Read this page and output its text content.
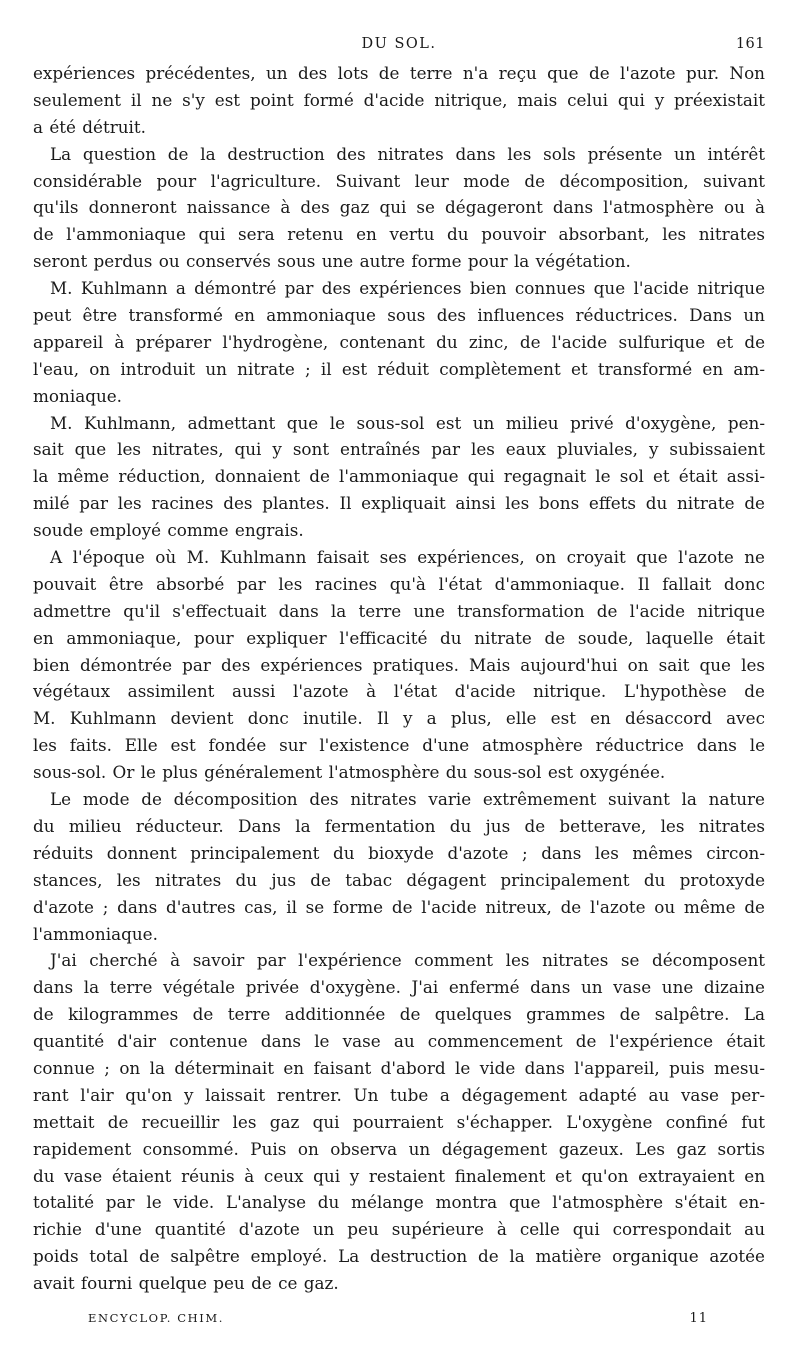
DU SOL.	161
expériences précédentes, un des lots de terre n'a reçu que de l'azote pur. Non
seulement il ne s'y est point formé d'acide nitrique, mais celui qui y préexistait
a été détruit.
La question de la destruction des nitrates dans les sols présente un intérêt
considérable pour l'agriculture. Suivant leur mode de décomposition, suivant
qu'ils donneront naissance à des gaz qui se dégageront dans l'atmosphère ou à
de l'ammoniaque qui sera retenu en vertu du pouvoir absorbant, les nitrates
seront perdus ou conservés sous une autre forme pour la végétation.
M. Kuhlmann a démontré par des expériences bien connues que l'acide nitrique
peut être transformé en ammoniaque sous des influences réductrices. Dans un
appareil à préparer l'hydrogène, contenant du zinc, de l'acide sulfurique et de
l'eau, on introduit un nitrate ; il est réduit complètement et transformé en am-
moniaque.
M. Kuhlmann, admettant que le sous-sol est un milieu privé d'oxygène, pen-
sait que les nitrates, qui y sont entraînés par les eaux pluviales, y subissaient
la même réduction, donnaient de l'ammoniaque qui regagnait le sol et était assi-
milé par les racines des plantes. Il expliquait ainsi les bons effets du nitrate de
soude employé comme engrais.
A l'époque où M. Kuhlmann faisait ses expériences, on croyait que l'azote ne
pouvait être absorbé par les racines qu'à l'état d'ammoniaque. Il fallait donc
admettre qu'il s'effectuait dans la terre une transformation de l'acide nitrique
en ammoniaque, pour expliquer l'efficacité du nitrate de soude, laquelle était
bien démontrée par des expériences pratiques. Mais aujourd'hui on sait que les
végétaux assimilent aussi l'azote à l'état d'acide nitrique. L'hypothèse de
M. Kuhlmann devient donc inutile. Il y a plus, elle est en désaccord avec
les faits. Elle est fondée sur l'existence d'une atmosphère réductrice dans le
sous-sol. Or le plus généralement l'atmosphère du sous-sol est oxygénée.
Le mode de décomposition des nitrates varie extrêmement suivant la nature
du milieu réducteur. Dans la fermentation du jus de betterave, les nitrates
réduits donnent principalement du bioxyde d'azote ; dans les mêmes circon-
stances, les nitrates du jus de tabac dégagent principalement du protoxyde
d'azote ; dans d'autres cas, il se forme de l'acide nitreux, de l'azote ou même de
l'ammoniaque.
J'ai cherché à savoir par l'expérience comment les nitrates se décomposent
dans la terre végétale privée d'oxygène. J'ai enfermé dans un vase une dizaine
de kilogrammes de terre additionnée de quelques grammes de salpêtre. La
quantité d'air contenue dans le vase au commencement de l'expérience était
connue ; on la déterminait en faisant d'abord le vide dans l'appareil, puis mesu-
rant l'air qu'on y laissait rentrer. Un tube a dégagement adapté au vase per-
mettait de recueillir les gaz qui pourraient s'échapper. L'oxygène confiné fut
rapidement consommé. Puis on observa un dégagement gazeux. Les gaz sortis
du vase étaient réunis à ceux qui y restaient finalement et qu'on extrayaient en
totalité par le vide. L'analyse du mélange montra que l'atmosphère s'était en-
richie d'une quantité d'azote un peu supérieure à celle qui correspondait au
poids total de salpêtre employé. La destruction de la matière organique azotée
avait fourni quelque peu de ce gaz.
ENCYCLOP. CHIM.	11
